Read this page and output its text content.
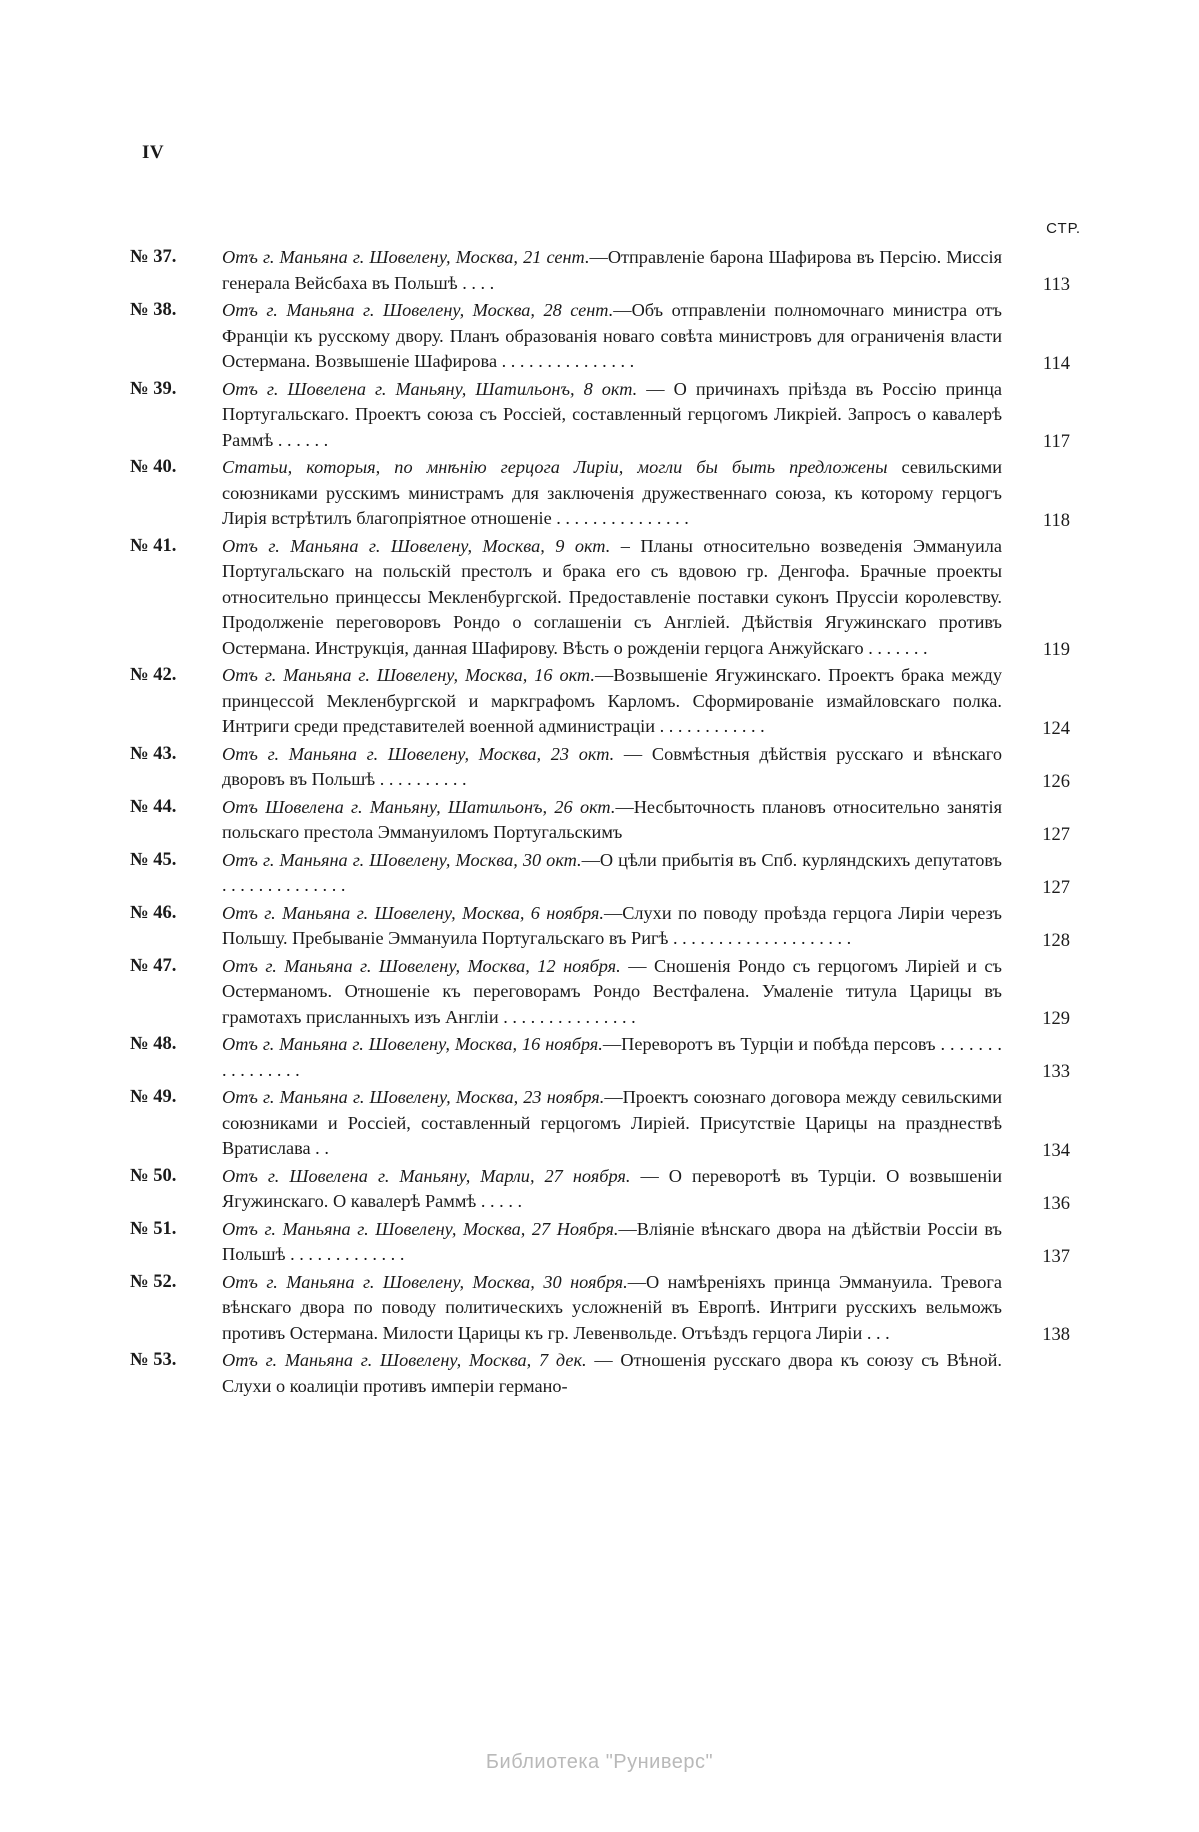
IV
СТР.
№ 37.	Отъ г. Маньяна г. Шовелену, Москва, 21 сент.—Отправленіе барона Шафирова въ Персію. Миссія генерала Вейсбаха въ Польшѣ . . . .	113
№ 38.	Отъ г. Маньяна г. Шовелену, Москва, 28 сент.—Объ отправленіи полномочнаго министра отъ Франціи къ русскому двору. Планъ образованія новаго совѣта министровъ для ограниченія власти Остермана. Возвышеніе Шафирова . . . . . . . . . . . . . . .	114
№ 39.	Отъ г. Шовелена г. Маньяну, Шатильонъ, 8 окт. — О причинахъ пріѣзда въ Россію принца Португальскаго. Проектъ союза съ Россіей, составленный герцогомъ Ликріей. Запросъ о кавалерѣ Раммѣ . . . . . .	117
№ 40.	Статьи, которыя, по мнѣнію герцога Лиріи, могли бы быть предложены севильскими союзниками русскимъ министрамъ для заключенія дружественнаго союза, къ которому герцогъ Лирія встрѣтилъ благопріятное отношеніе . . . . . . . . . . . . . . .	118
№ 41.	Отъ г. Маньяна г. Шовелену, Москва, 9 окт. – Планы относительно возведенія Эммануила Португальскаго на польскій престолъ и брака его съ вдовою гр. Денгофа. Брачные проекты относительно принцессы Мекленбургской. Предоставленіе поставки суконъ Пруссіи королевству. Продолженіе переговоровъ Рондо о соглашеніи съ Англіей. Дѣйствія Ягужинскаго противъ Остермана. Инструкція, данная Шафирову. Вѣсть о рожденіи герцога Анжуйскаго . . . . . . .	119
№ 42.	Отъ г. Маньяна г. Шовелену, Москва, 16 окт.—Возвышеніе Ягужинскаго. Проектъ брака между принцессой Мекленбургской и маркграфомъ Карломъ. Сформированіе измайловскаго полка. Интриги среди представителей военной администраціи . . . . . . . . . . . .	124
№ 43.	Отъ г. Маньяна г. Шовелену, Москва, 23 окт. — Совмѣстныя дѣйствія русскаго и вѣнскаго дворовъ въ Польшѣ . . . . . . . . . .	126
№ 44.	Отъ Шовелена г. Маньяну, Шатильонъ, 26 окт.—Несбыточность плановъ относительно занятія польскаго престола Эммануиломъ Португальскимъ	127
№ 45.	Отъ г. Маньяна г. Шовелену, Москва, 30 окт.—О цѣли прибытія въ Спб. курляндскихъ депутатовъ . . . . . . . . . . . . . .	127
№ 46.	Отъ г. Маньяна г. Шовелену, Москва, 6 ноября.—Слухи по поводу проѣзда герцога Лиріи черезъ Польшу. Пребываніе Эммануила Португальскаго въ Ригѣ . . . . . . . . . . . . . . . . . . . .	128
№ 47.	Отъ г. Маньяна г. Шовелену, Москва, 12 ноября. — Сношенія Рондо съ герцогомъ Лиріей и съ Остерманомъ. Отношеніе къ переговорамъ Рондо Вестфалена. Умаленіе титула Царицы въ грамотахъ присланныхъ изъ Англіи . . . . . . . . . . . . . . .	129
№ 48.	Отъ г. Маньяна г. Шовелену, Москва, 16 ноября.—Переворотъ въ Турціи и побѣда персовъ . . . . . . . . . . . . . . . .	133
№ 49.	Отъ г. Маньяна г. Шовелену, Москва, 23 ноября.—Проектъ союзнаго договора между севильскими союзниками и Россіей, составленный герцогомъ Лиріей. Присутствіе Царицы на празднествѣ Вратислава . .	134
№ 50.	Отъ г. Шовелена г. Маньяну, Марли, 27 ноября. — О переворотѣ въ Турціи. О возвышеніи Ягужинскаго. О кавалерѣ Раммѣ . . . . .	136
№ 51.	Отъ г. Маньяна г. Шовелену, Москва, 27 Ноября.—Вліяніе вѣнскаго двора на дѣйствіи Россіи въ Польшѣ . . . . . . . . . . . . .	137
№ 52.	Отъ г. Маньяна г. Шовелену, Москва, 30 ноября.—О намѣреніяхъ принца Эммануила. Тревога вѣнскаго двора по поводу политическихъ усложненій въ Европѣ. Интриги русскихъ вельможъ противъ Остермана. Милости Царицы къ гр. Левенвольде. Отъѣздъ герцога Лиріи . . .	138
№ 53.	Отъ г. Маньяна г. Шовелену, Москва, 7 дек. — Отношенія русскаго двора къ союзу съ Вѣной. Слухи о коалиціи противъ имперіи германо-
Библиотека "Руниверс"
